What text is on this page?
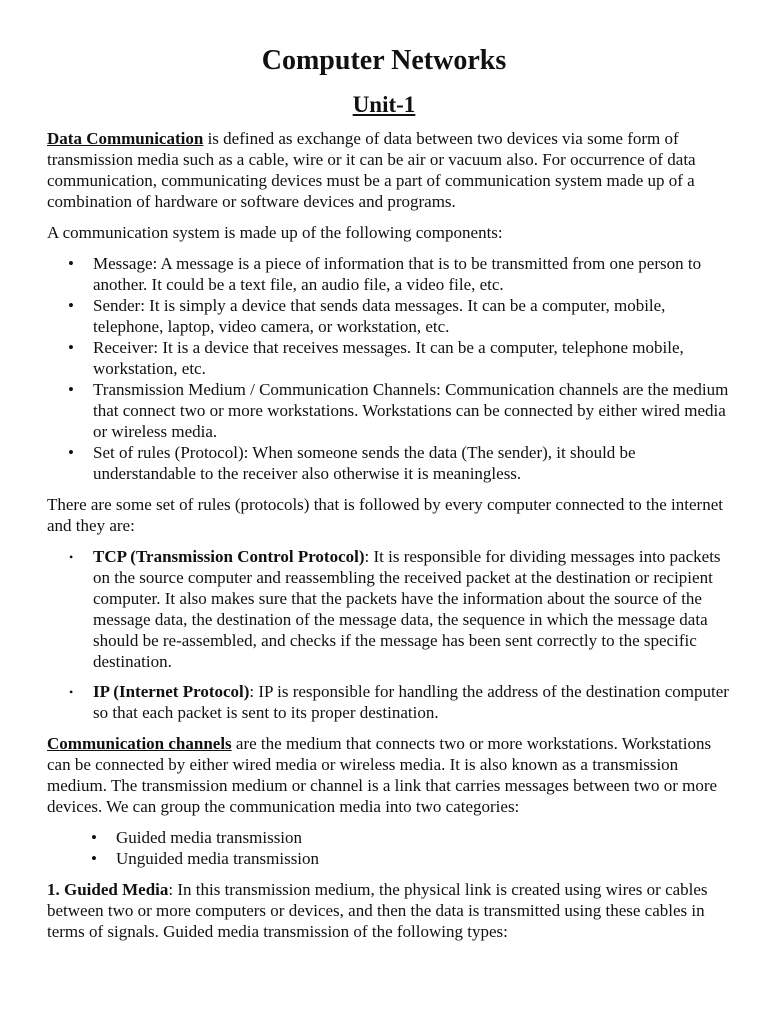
Computer Networks
Unit-1

Data Communication is defined as exchange of data between two devices via some form of transmission media such as a cable, wire or it can be air or vacuum also. For occurrence of data communication, communicating devices must be a part of communication system made up of a combination of hardware or software devices and programs.

A communication system is made up of the following components:

• Message: A message is a piece of information that is to be transmitted from one person to another. It could be a text file, an audio file, a video file, etc.
• Sender: It is simply a device that sends data messages. It can be a computer, mobile, telephone, laptop, video camera, or workstation, etc.
• Receiver: It is a device that receives messages. It can be a computer, telephone mobile, workstation, etc.
• Transmission Medium / Communication Channels: Communication channels are the medium that connect two or more workstations. Workstations can be connected by either wired media or wireless media.
• Set of rules (Protocol): When someone sends the data (The sender), it should be understandable to the receiver also otherwise it is meaningless.

There are some set of rules (protocols) that is followed by every computer connected to the internet and they are:

• TCP (Transmission Control Protocol): It is responsible for dividing messages into packets on the source computer and reassembling the received packet at the destination or recipient computer. It also makes sure that the packets have the information about the source of the message data, the destination of the message data, the sequence in which the message data should be re-assembled, and checks if the message has been sent correctly to the specific destination.
• IP (Internet Protocol): IP is responsible for handling the address of the destination computer so that each packet is sent to its proper destination.

Communication channels are the medium that connects two or more workstations. Workstations can be connected by either wired media or wireless media. It is also known as a transmission medium. The transmission medium or channel is a link that carries messages between two or more devices. We can group the communication media into two categories:

• Guided media transmission
• Unguided media transmission

1. Guided Media: In this transmission medium, the physical link is created using wires or cables between two or more computers or devices, and then the data is transmitted using these cables in terms of signals. Guided media transmission of the following types:
